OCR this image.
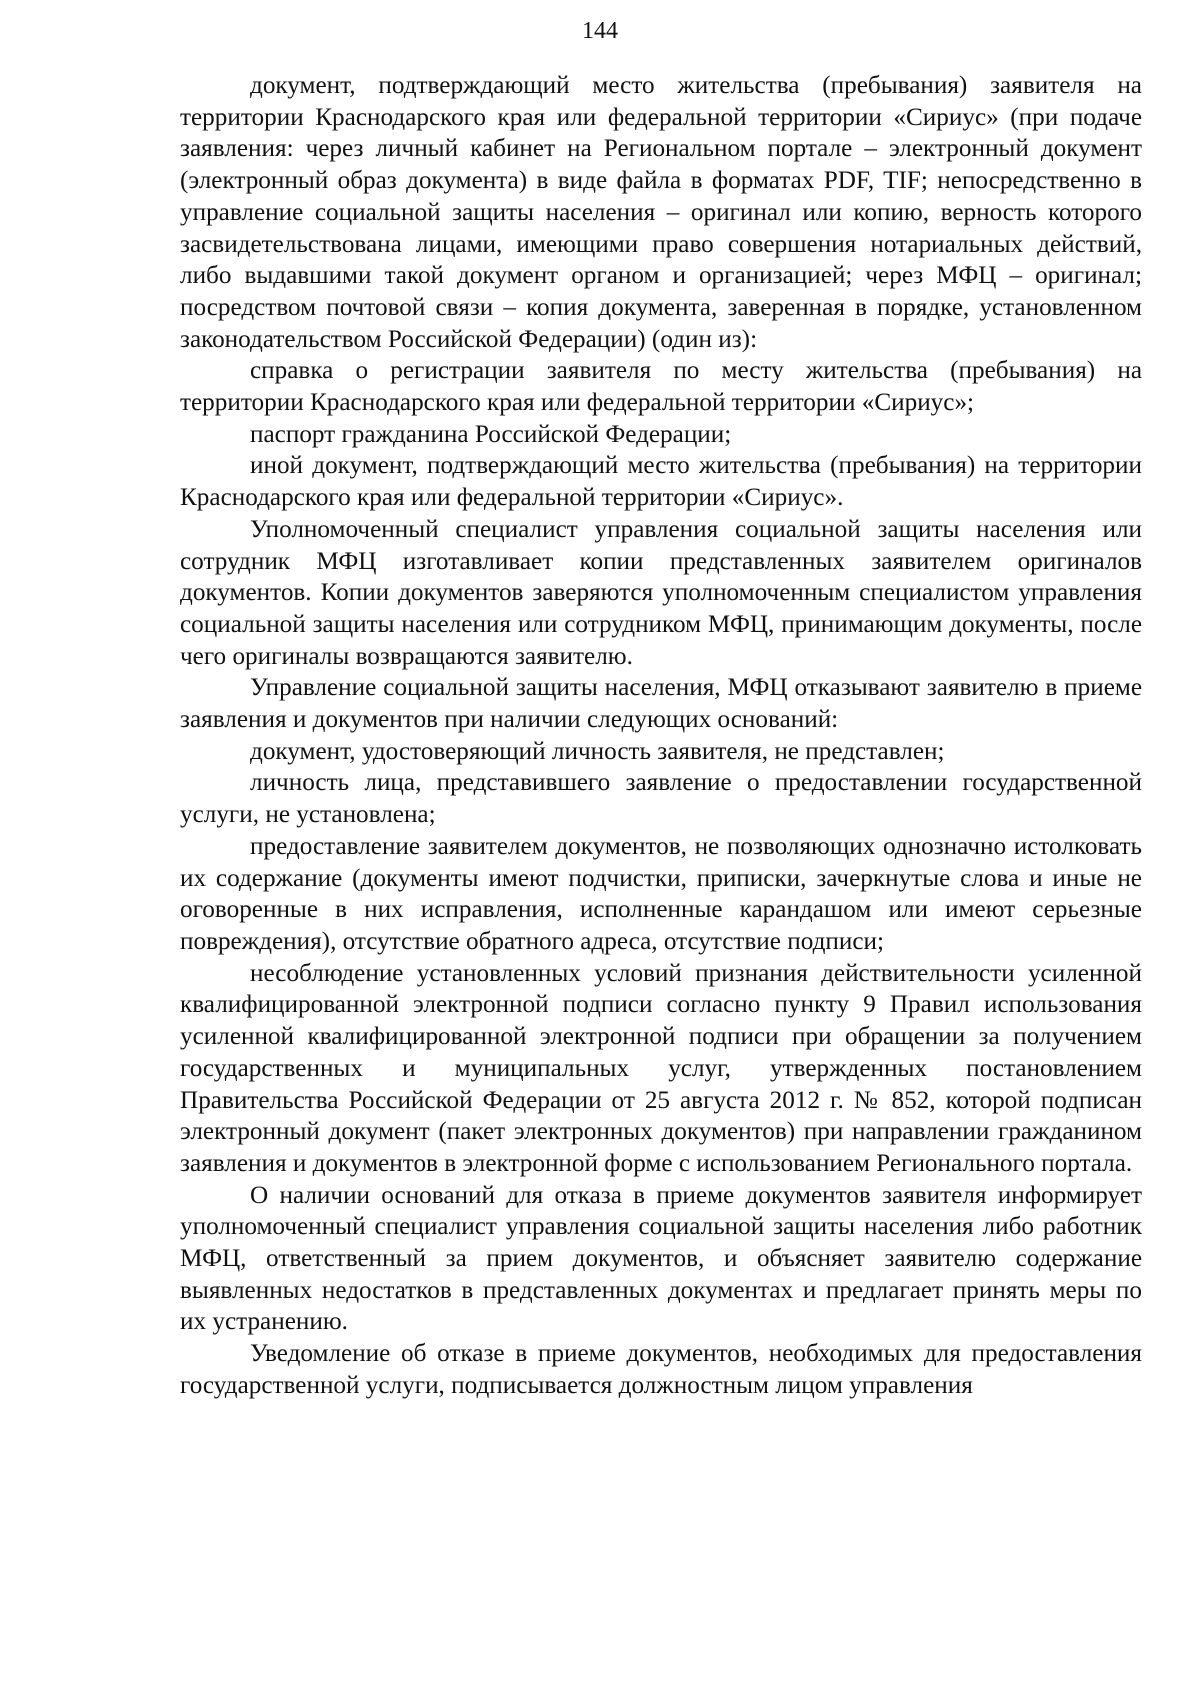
144

документ, подтверждающий место жительства (пребывания) заявителя на территории Краснодарского края или федеральной территории «Сириус» (при подаче заявления: через личный кабинет на Региональном портале – электронный документ (электронный образ документа) в виде файла в форматах PDF, TIF; непосредственно в управление социальной защиты населения – оригинал или копию, верность которого засвидетельствована лицами, имеющими право совершения нотариальных действий, либо выдавшими такой документ органом и организацией; через МФЦ – оригинал; посредством почтовой связи – копия документа, заверенная в порядке, установленном законодательством Российской Федерации) (один из):

справка о регистрации заявителя по месту жительства (пребывания) на территории Краснодарского края или федеральной территории «Сириус»;

паспорт гражданина Российской Федерации;

иной документ, подтверждающий место жительства (пребывания) на территории Краснодарского края или федеральной территории «Сириус».

Уполномоченный специалист управления социальной защиты населения или сотрудник МФЦ изготавливает копии представленных заявителем оригиналов документов. Копии документов заверяются уполномоченным специалистом управления социальной защиты населения или сотрудником МФЦ, принимающим документы, после чего оригиналы возвращаются заявителю.

Управление социальной защиты населения, МФЦ отказывают заявителю в приеме заявления и документов при наличии следующих оснований:

документ, удостоверяющий личность заявителя, не представлен;

личность лица, представившего заявление о предоставлении государственной услуги, не установлена;

предоставление заявителем документов, не позволяющих однозначно истолковать их содержание (документы имеют подчистки, приписки, зачеркнутые слова и иные не оговоренные в них исправления, исполненные карандашом или имеют серьезные повреждения), отсутствие обратного адреса, отсутствие подписи;

несоблюдение установленных условий признания действительности усиленной квалифицированной электронной подписи согласно пункту 9 Правил использования усиленной квалифицированной электронной подписи при обращении за получением государственных и муниципальных услуг, утвержденных постановлением Правительства Российской Федерации от 25 августа 2012 г. № 852, которой подписан электронный документ (пакет электронных документов) при направлении гражданином заявления и документов в электронной форме с использованием Регионального портала.

О наличии оснований для отказа в приеме документов заявителя информирует уполномоченный специалист управления социальной защиты населения либо работник МФЦ, ответственный за прием документов, и объясняет заявителю содержание выявленных недостатков в представленных документах и предлагает принять меры по их устранению.

Уведомление об отказе в приеме документов, необходимых для предоставления государственной услуги, подписывается должностным лицом управления
